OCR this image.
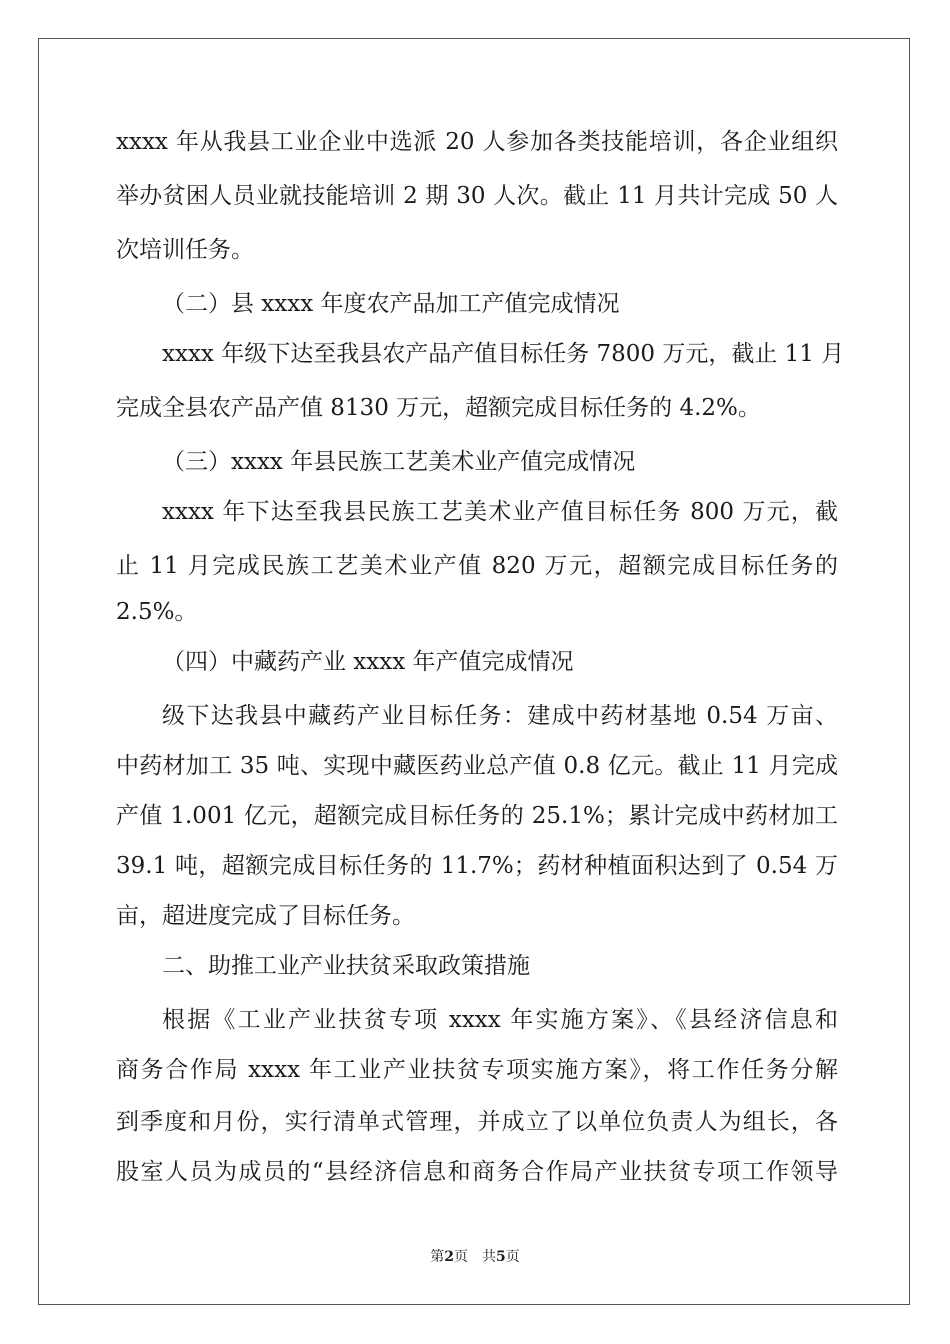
xxxx 年从我县工业企业中选派 20 人参加各类技能培训，各企业组织
举办贫困人员业就技能培训 2 期 30 人次。截止 11 月共计完成 50 人
次培训任务。
（二）县 xxxx 年度农产品加工产值完成情况
xxxx 年级下达至我县农产品产值目标任务 7800 万元，截止 11 月
完成全县农产品产值 8130 万元，超额完成目标任务的 4.2%。
（三）xxxx 年县民族工艺美术业产值完成情况
xxxx 年下达至我县民族工艺美术业产值目标任务 800 万元，截
止 11 月完成民族工艺美术业产值 820 万元，超额完成目标任务的
2.5%。
（四）中藏药产业 xxxx 年产值完成情况
级下达我县中藏药产业目标任务：建成中药材基地 0.54 万亩、
中药材加工 35 吨、实现中藏医药业总产值 0.8 亿元。截止 11 月完成
产值 1.001 亿元，超额完成目标任务的 25.1%；累计完成中药材加工
39.1 吨，超额完成目标任务的 11.7%；药材种植面积达到了 0.54 万
亩，超进度完成了目标任务。
二、助推工业产业扶贫采取政策措施
根据《工业产业扶贫专项 xxxx 年实施方案》、《县经济信息和
商务合作局 xxxx 年工业产业扶贫专项实施方案》，将工作任务分解
到季度和月份，实行清单式管理，并成立了以单位负责人为组长，各
股室人员为成员的“县经济信息和商务合作局产业扶贫专项工作领导
第2页 共5页
